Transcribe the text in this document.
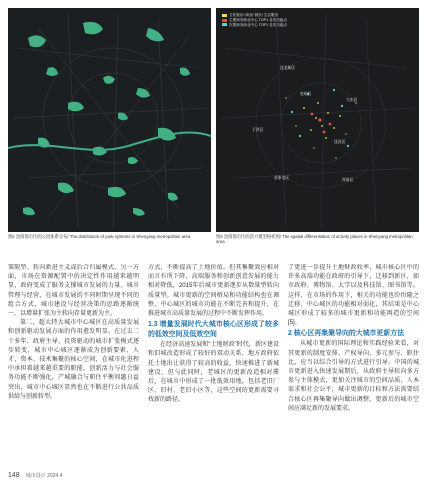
图2 沈阳都市区的公园体系分布/ The distribution of park systems in Shenyang metropolitan area
文化娱乐/ 商业/ 餐饮/ 生活服务
主要商务商业中心 TOP1 各类功能点
次要商务商业中心 TOP1 各类功能点
沈北新区
于洪区
皇姑区
大东区
沈河区
苏家屯区	浑南区
图3 沈阳都市区的活力模型格析图/ The spatial differentiation of activity places in Shenyang metropolitan area

策限型。转向新进主义或后合归属模式，另一方面，市场在资源配置中的决定性作用越来越明显，政府变成了服务支撑城市发展的力量。城市管理与经营，在城市发展的不同时期呈现不同的组合方式，城市建设与经营决策的思路逐渐统一，以增量扩张为主转向存量更新为主。

第二，超大特大城市中心城区在高质量发展和创新驱动发展方面的作用愈发明显。在过去二十多年，政府主导、投资驱动的城市扩张模式逐步转变，城市中心城区逐渐成为创新要素、人才、资本、技术集聚的核心空间，在城市化进程中承担着越来越重要的职能，创新活力与社会服务功能不断强化，产城融合与职住平衡问题日益突出，城市中心城区显然也在不断进行公共品质供给与创新转型。

方式，不断提高了土地价值。但其集聚效应相对而言有所下降，高端服务和创新创意发展的能力相对降低，2015年后城市更新逐步从数量型转向质量型。城市更新的空间格局和功能结构也在调整，中心城区的城市功能在不断完善和提升，在推进城市高质量发展的过程中不断发挥作用。

1.3 增量发展时代大城市核心区形成了较多的低效空间及低效空间

在经济高速发展和“土地财政”时代，新区建设和旧城改造形成了较好的双动关系，地方政府依托土地出让获得了较高的收益，快速推进了新城建设，但与此同时，老城区的更新改造相对滞后，在城市中形成了一批低效用地，包括老旧厂区、旧村、老旧小区等，这些空间的更新需要寻找新的路径。

了更进一步提升土地财政收率，城市核心区中的许多高端功能在政府的引导下，迁移到新区，如市政府、博物馆、大学以及科技馆、图书馆等。这样，在市场的作用下，相关的功能也纷纷随之迁移，中心城区的功能相对弱化，其结果是中心城区形成了较多的城市更新和功能再造的空间[5]。

2 核心区再集聚导向的大城市更新方法

从城市更新的国际理论和实践经验来看，对其更新的制度安排、产权导向、多元参与、职住比，应当以综合引导的方式进行引导。中国的城市更新进入快速发展期后，从政府主导转向多方参与主体模式，更加关注城市的空间品质、人本需求和社会公平，城市更新的目标和方法需要结合核心区再集聚导向做出调整，更新后的城市空间应满足新的发展要求。

148 城市设计 2024.4
